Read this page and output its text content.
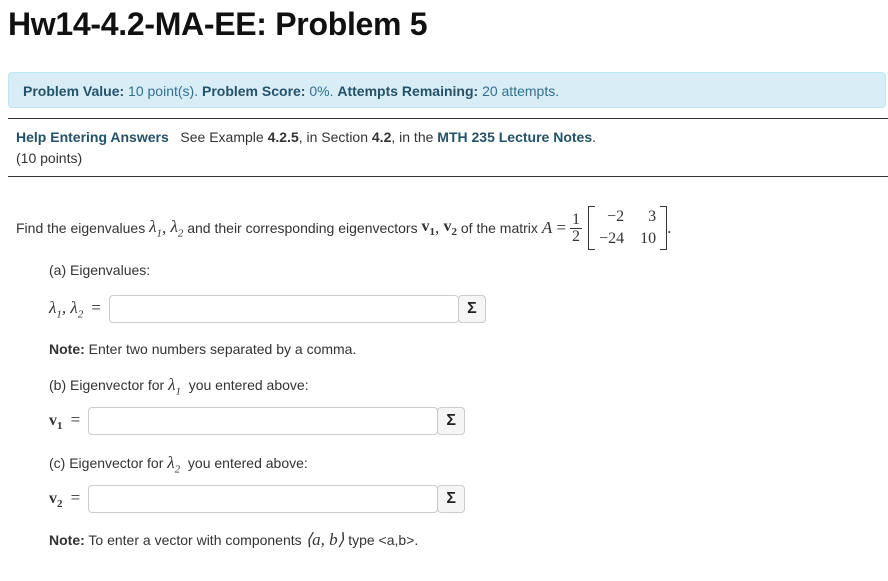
Hw14-4.2-MA-EE: Problem 5
Problem Value: 10 point(s). Problem Score: 0%. Attempts Remaining: 20 attempts.
Help Entering Answers See Example 4.2.5, in Section 4.2, in the MTH 235 Lecture Notes.
(10 points)
Find the eigenvalues
$\lambda_1$ , $\lambda_2$
and their corresponding eigenvectors
$v_1$ , $v_2$
of the matrix
$A = \frac{1}{2}$	−2	3
−24 10
.
(a) Eigenvalues:
$\lambda_1$, $\lambda_2$  =	Σ
Note: Enter two numbers separated by a comma.
(b) Eigenvector for $\lambda_1$ you entered above:
$v_1$  =	Σ
(c) Eigenvector for $\lambda_2$ you entered above:
$v_2$  =	Σ
Note: To enter a vector with components ⟨a, b⟩ type <a,b>.
